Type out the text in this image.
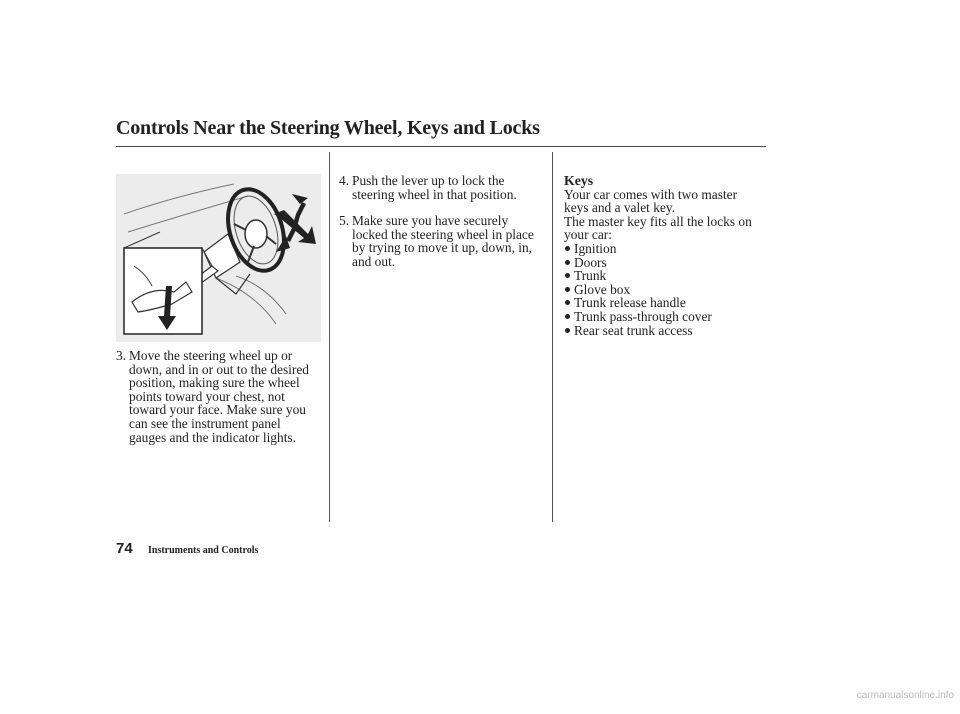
Controls Near the Steering Wheel, Keys and Locks
3. Move the steering wheel up or
down, and in or out to the desired
position, making sure the wheel
points toward your chest, not
toward your face. Make sure you
can see the instrument panel
gauges and the indicator lights.
4. Push the lever up to lock the
steering wheel in that position.
5. Make sure you have securely
locked the steering wheel in place
by trying to move it up, down, in,
and out.
Keys
Your car comes with two master
keys and a valet key.
The master key fits all the locks on
your car:
Ignition
Doors
Trunk
Glove box
Trunk release handle
Trunk pass-through cover
Rear seat trunk access
74 Instruments and Controls
carmanualsonline.info
